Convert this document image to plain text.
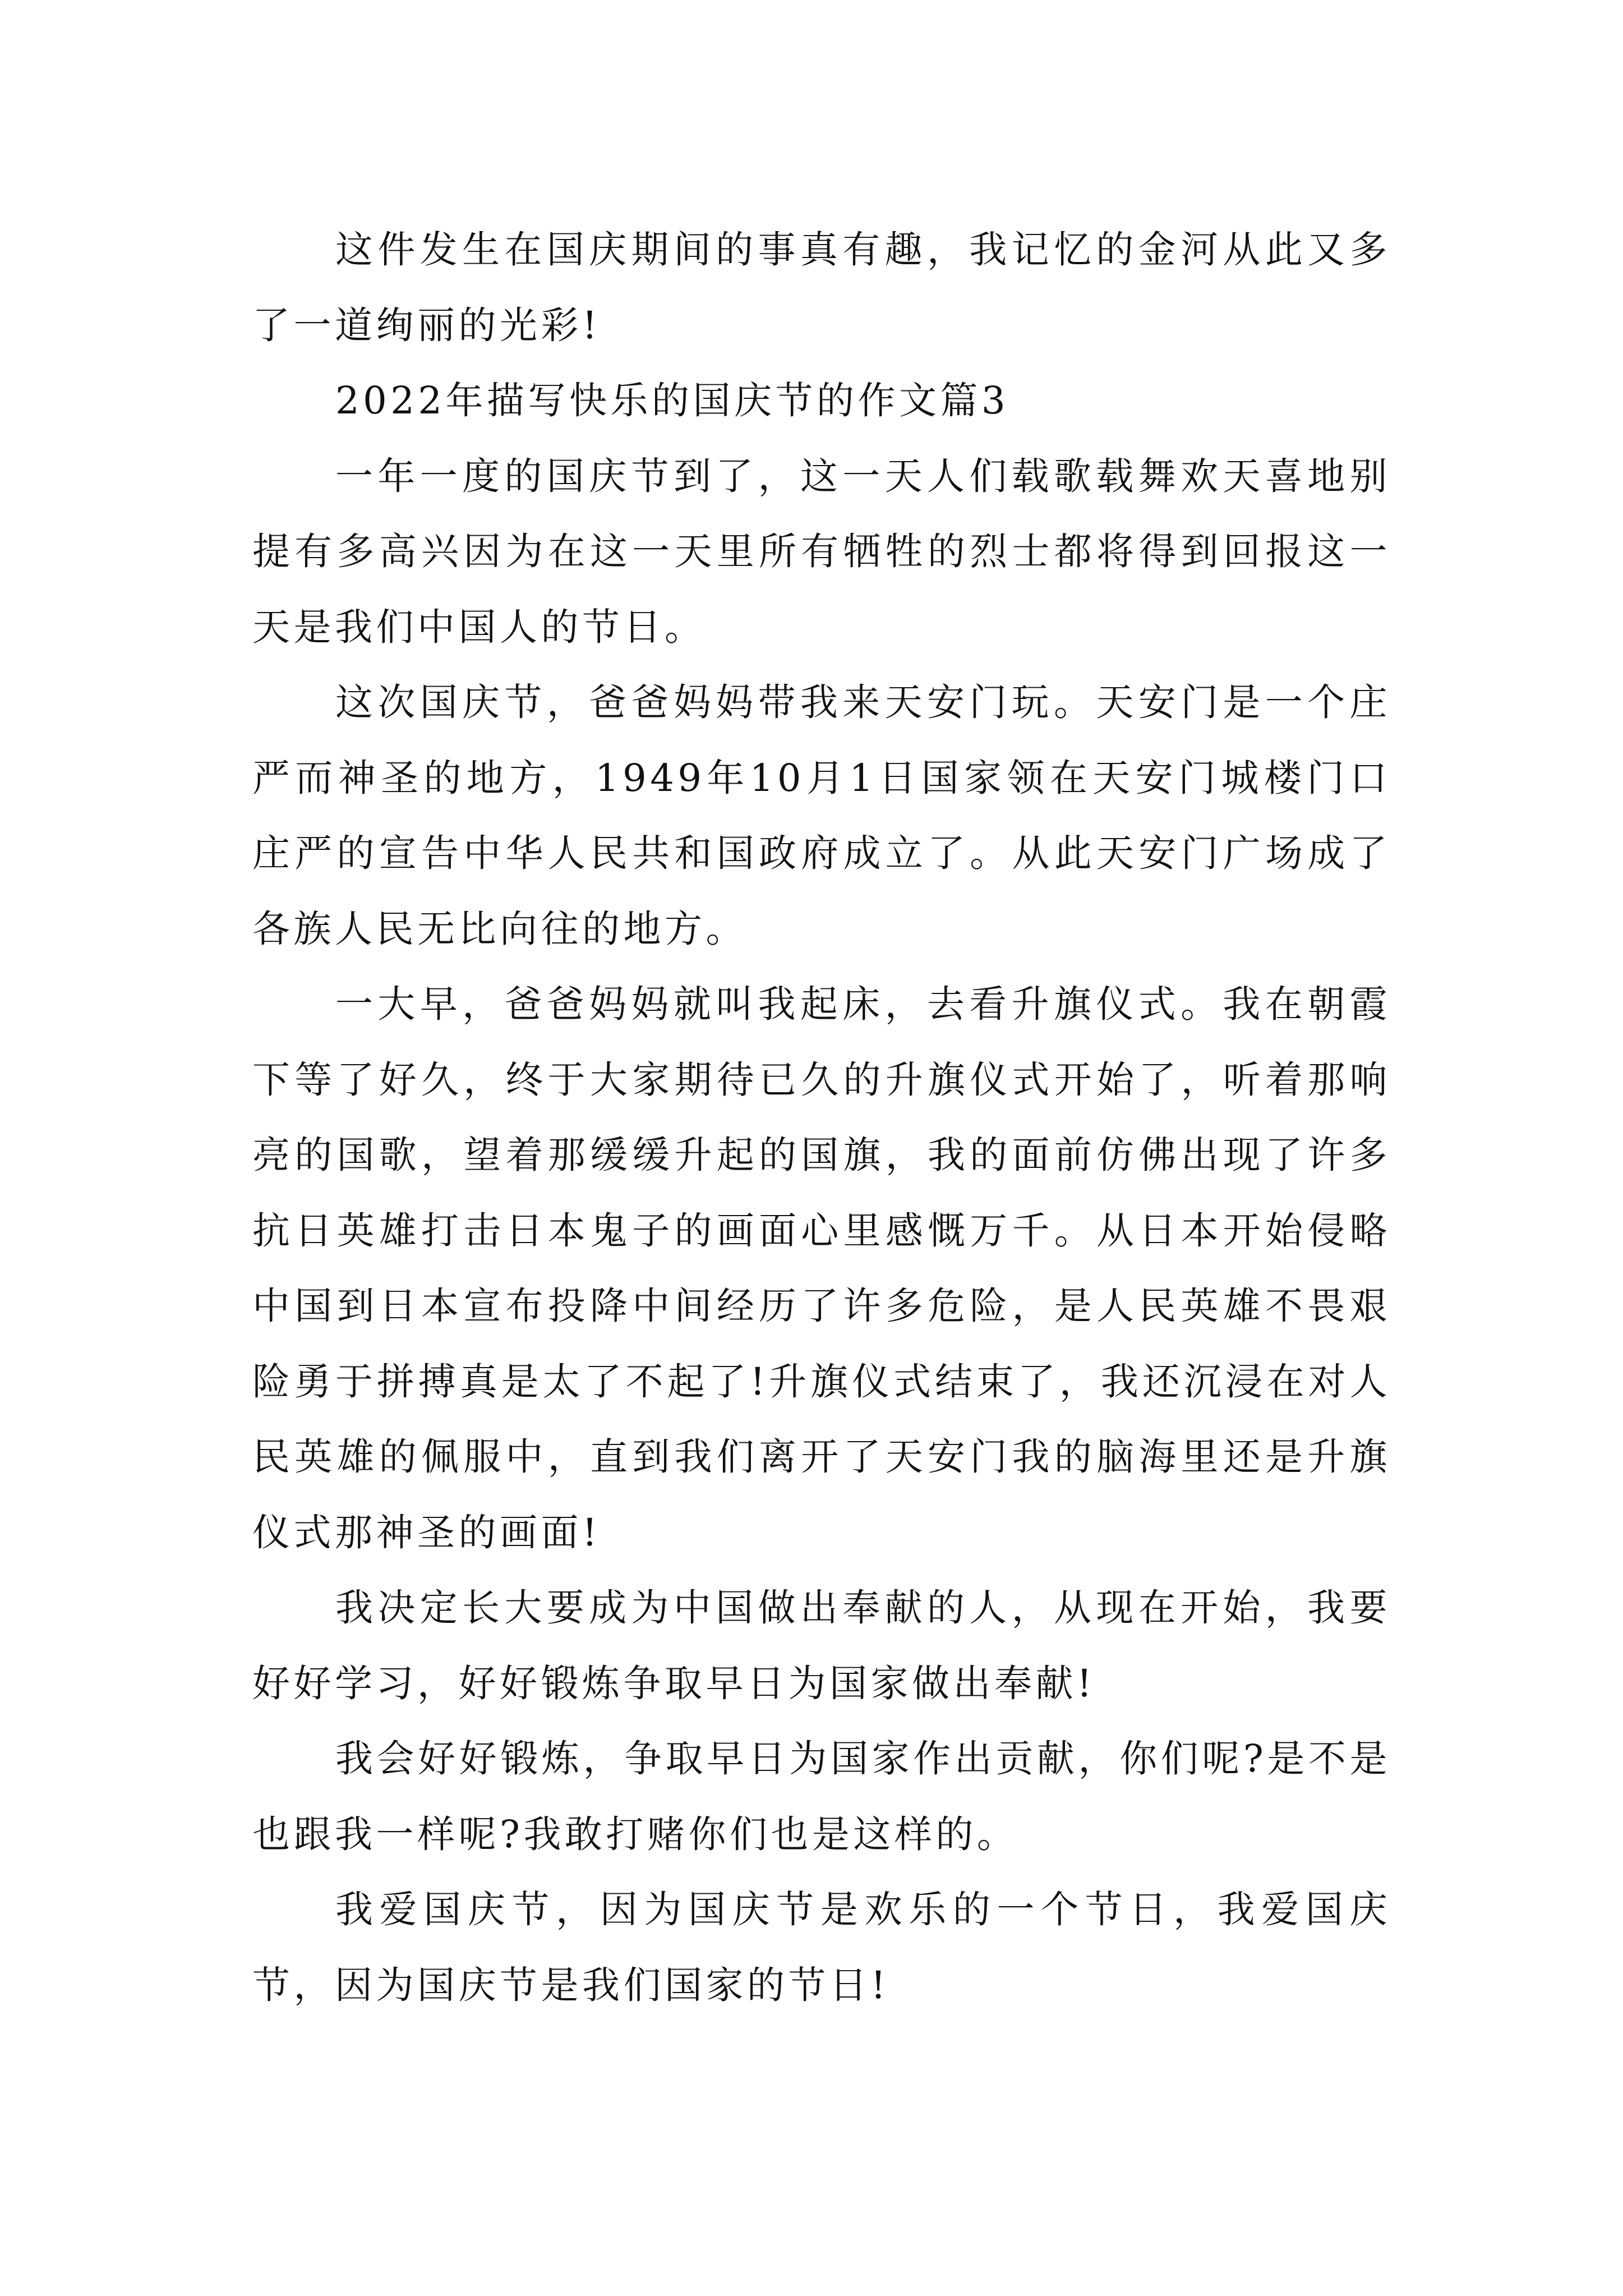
这件发生在国庆期间的事真有趣，我记忆的金河从此又多了一道绚丽的光彩!

2022年描写快乐的国庆节的作文篇3

一年一度的国庆节到了，这一天人们载歌载舞欢天喜地别提有多高兴因为在这一天里所有牺牲的烈士都将得到回报这一天是我们中国人的节日。

这次国庆节，爸爸妈妈带我来天安门玩。天安门是一个庄严而神圣的地方，1949年10月1日国家领在天安门城楼门口庄严的宣告中华人民共和国政府成立了。从此天安门广场成了各族人民无比向往的地方。

一大早，爸爸妈妈就叫我起床，去看升旗仪式。我在朝霞下等了好久，终于大家期待已久的升旗仪式开始了，听着那响亮的国歌，望着那缓缓升起的国旗，我的面前仿佛出现了许多抗日英雄打击日本鬼子的画面心里感慨万千。从日本开始侵略中国到日本宣布投降中间经历了许多危险，是人民英雄不畏艰险勇于拼搏真是太了不起了!升旗仪式结束了，我还沉浸在对人民英雄的佩服中，直到我们离开了天安门我的脑海里还是升旗仪式那神圣的画面!

我决定长大要成为中国做出奉献的人，从现在开始，我要好好学习，好好锻炼争取早日为国家做出奉献!

我会好好锻炼，争取早日为国家作出贡献，你们呢?是不是也跟我一样呢?我敢打赌你们也是这样的。

我爱国庆节，因为国庆节是欢乐的一个节日，我爱国庆节，因为国庆节是我们国家的节日!
